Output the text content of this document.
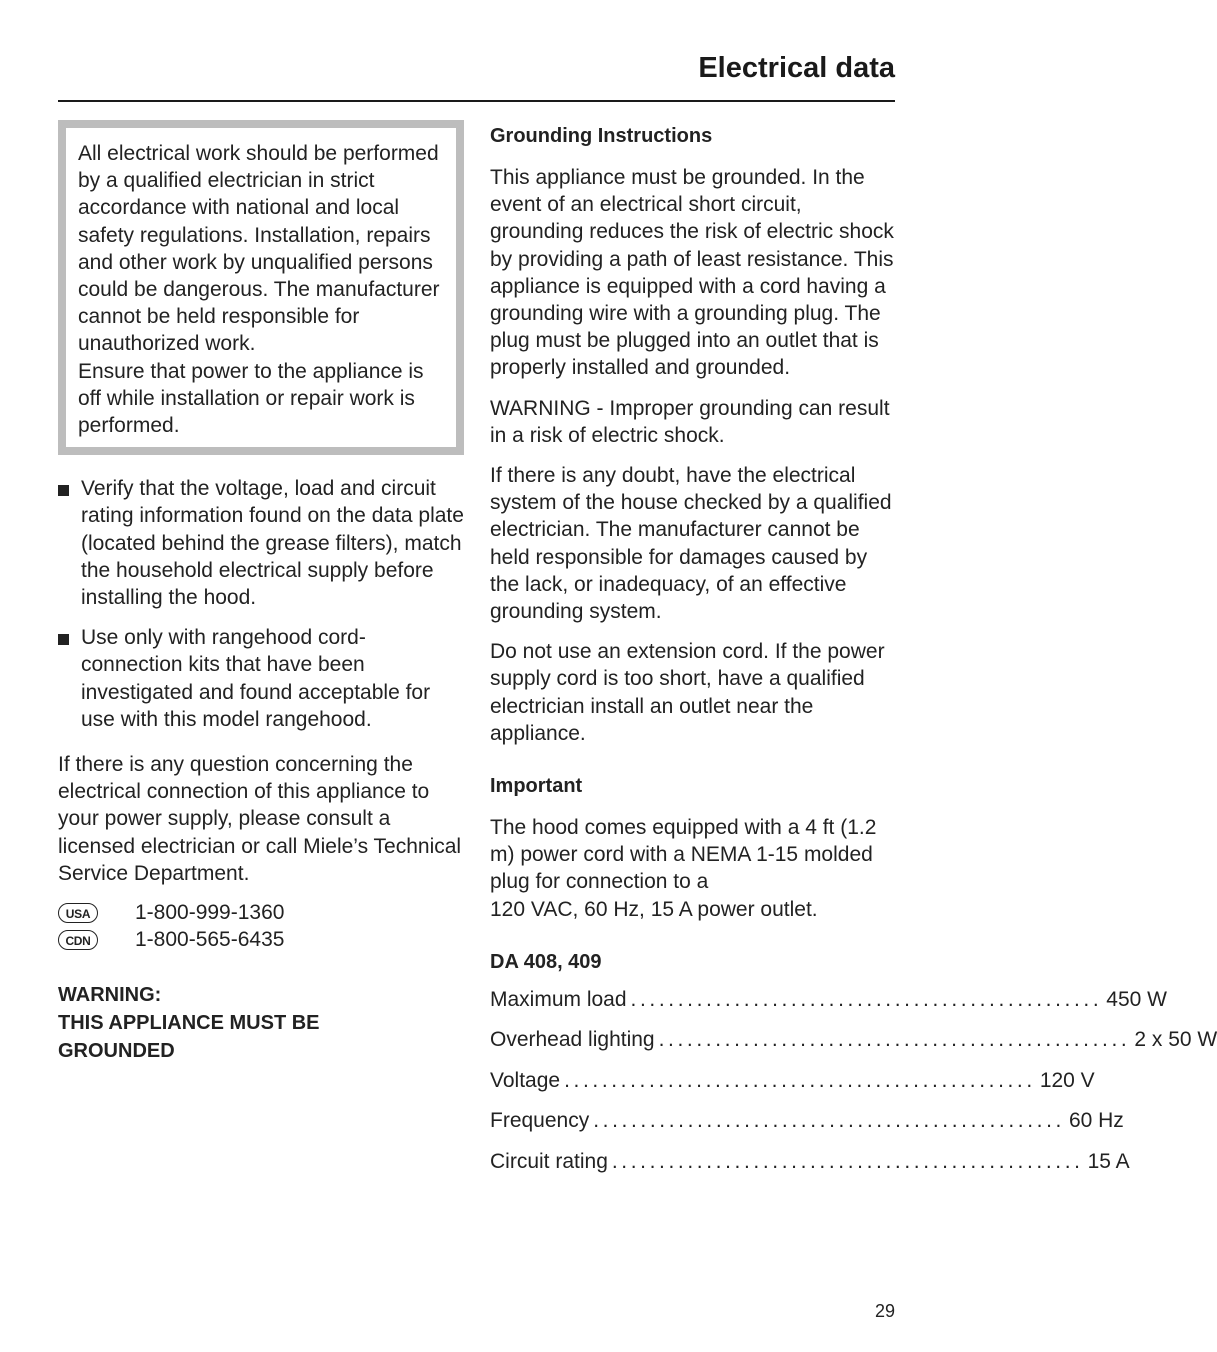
Electrical data

All electrical work should be performed by a qualified electrician in strict accordance with national and local safety regulations. Installation, repairs and other work by unqualified persons could be dangerous. The manufacturer cannot be held responsible for unauthorized work.

Ensure that power to the appliance is off while installation or repair work is performed.

Verify that the voltage, load and circuit rating information found on the data plate (located behind the grease filters), match the household electrical supply before installing the hood.
Use only with rangehood cord-connection kits that have been investigated and found acceptable for use with this model rangehood.

If there is any question concerning the electrical connection of this appliance to your power supply, please consult a licensed electrician or call Miele’s Technical Service Department.

USA	1-800-999-1360
CDN	1-800-565-6435
WARNING:
THIS APPLIANCE MUST BE
GROUNDED
Grounding Instructions

This appliance must be grounded. In the event of an electrical short circuit, grounding reduces the risk of electric shock by providing a path of least resistance. This appliance is equipped with a cord having a grounding wire with a grounding plug. The plug must be plugged into an outlet that is properly installed and grounded.

WARNING - Improper grounding can result in a risk of electric shock.

If there is any doubt, have the electrical system of the house checked by a qualified electrician. The manufacturer cannot be held responsible for damages caused by the lack, or inadequacy, of an effective grounding system.

Do not use an extension cord. If the power supply cord is too short, have a qualified electrician install an outlet near the appliance.

Important

The hood comes equipped with a 4 ft (1.2 m) power cord with a NEMA 1-15 molded plug for connection to a

120 VAC, 60 Hz, 15 A power outlet.

DA 408, 409
Maximum load .................................................. 450 W
Overhead lighting .................................................. 2 x 50 W
Voltage .................................................. 120 V
Frequency .................................................. 60 Hz
Circuit rating .................................................. 15 A
29
